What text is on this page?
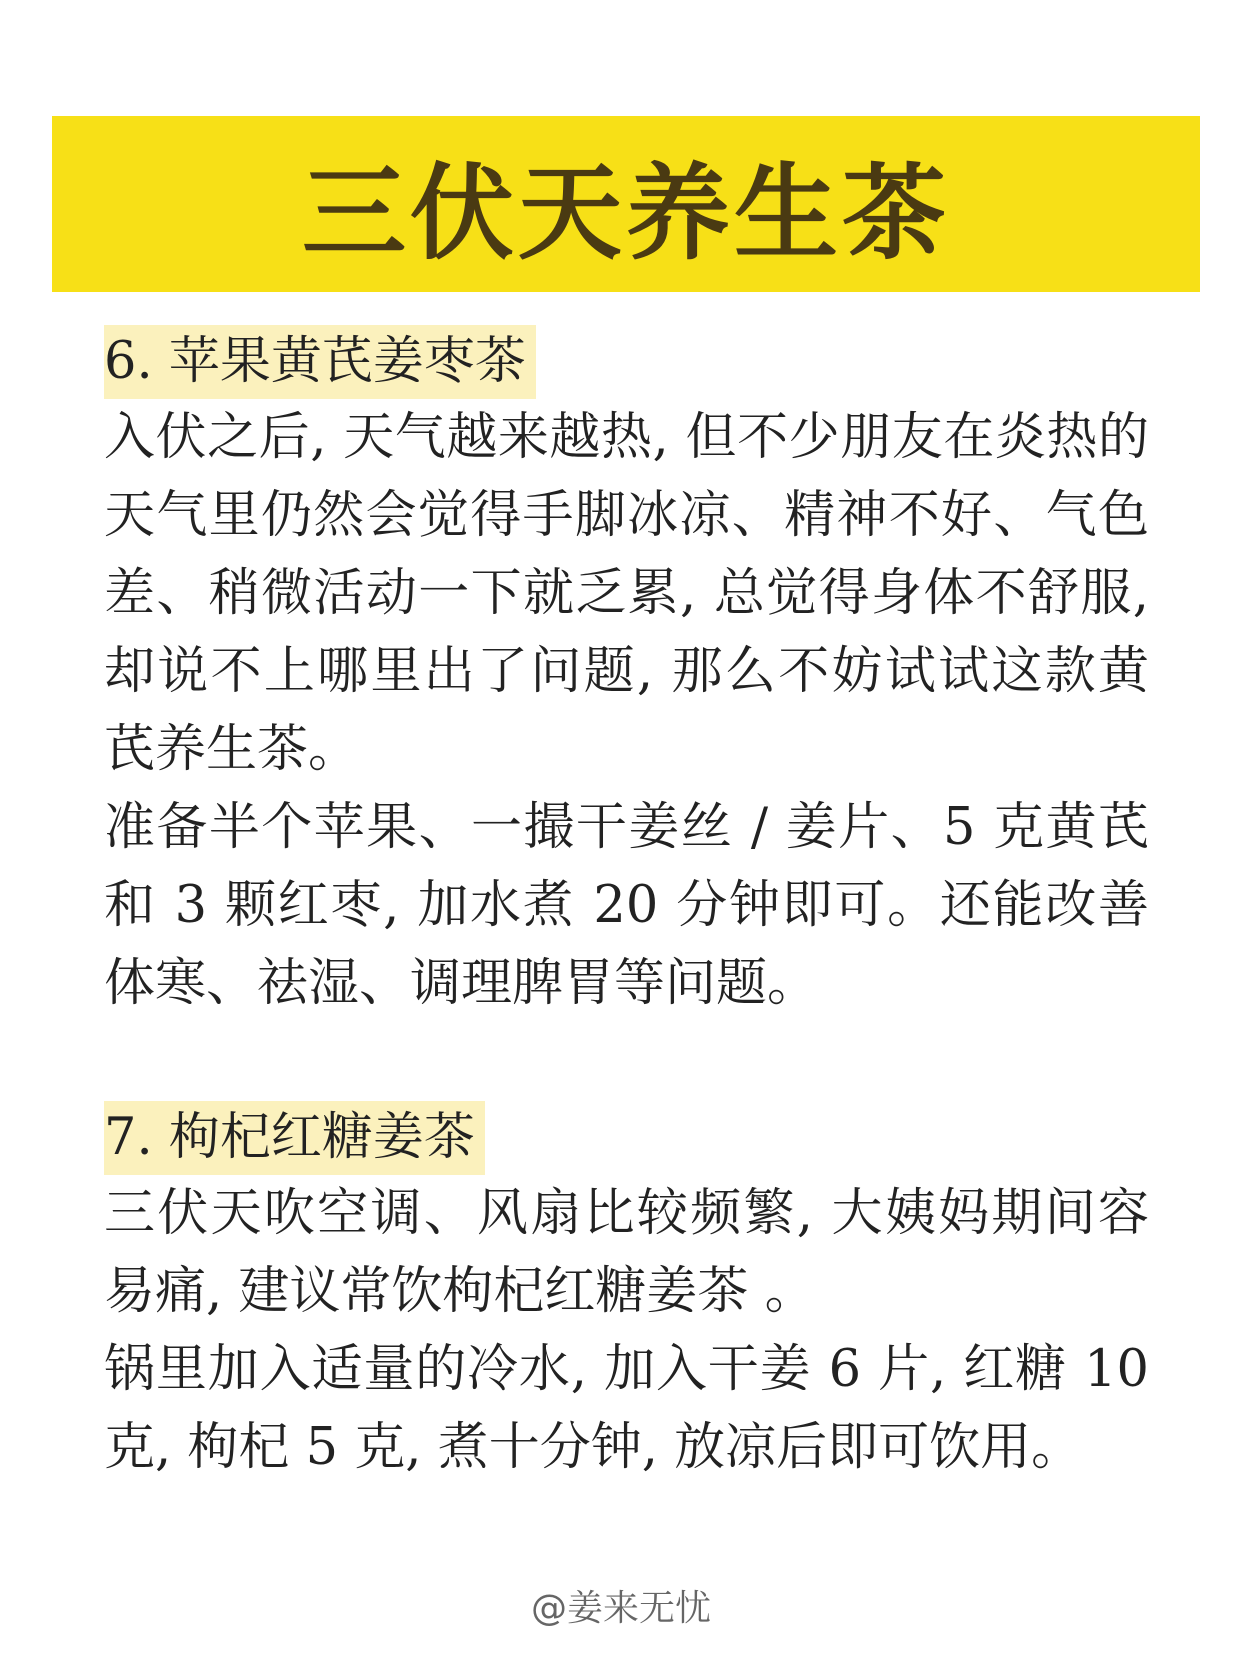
三伏天养生茶
6. 苹果黄芪姜枣茶

入伏之后, 天气越来越热, 但不少朋友在炎热的天气里仍然会觉得手脚冰凉、精神不好、气色差、稍微活动一下就乏累, 总觉得身体不舒服, 却说不上哪里出了问题, 那么不妨试试这款黄芪养生茶。

准备半个苹果、一撮干姜丝 / 姜片、5 克黄芪和 3 颗红枣, 加水煮 20 分钟即可。还能改善体寒、祛湿、调理脾胃等问题。

7. 枸杞红糖姜茶

三伏天吹空调、风扇比较频繁, 大姨妈期间容易痛, 建议常饮枸杞红糖姜茶 。

锅里加入适量的冷水, 加入干姜 6 片, 红糖 10 克, 枸杞 5 克, 煮十分钟, 放凉后即可饮用。

@姜来无忧
